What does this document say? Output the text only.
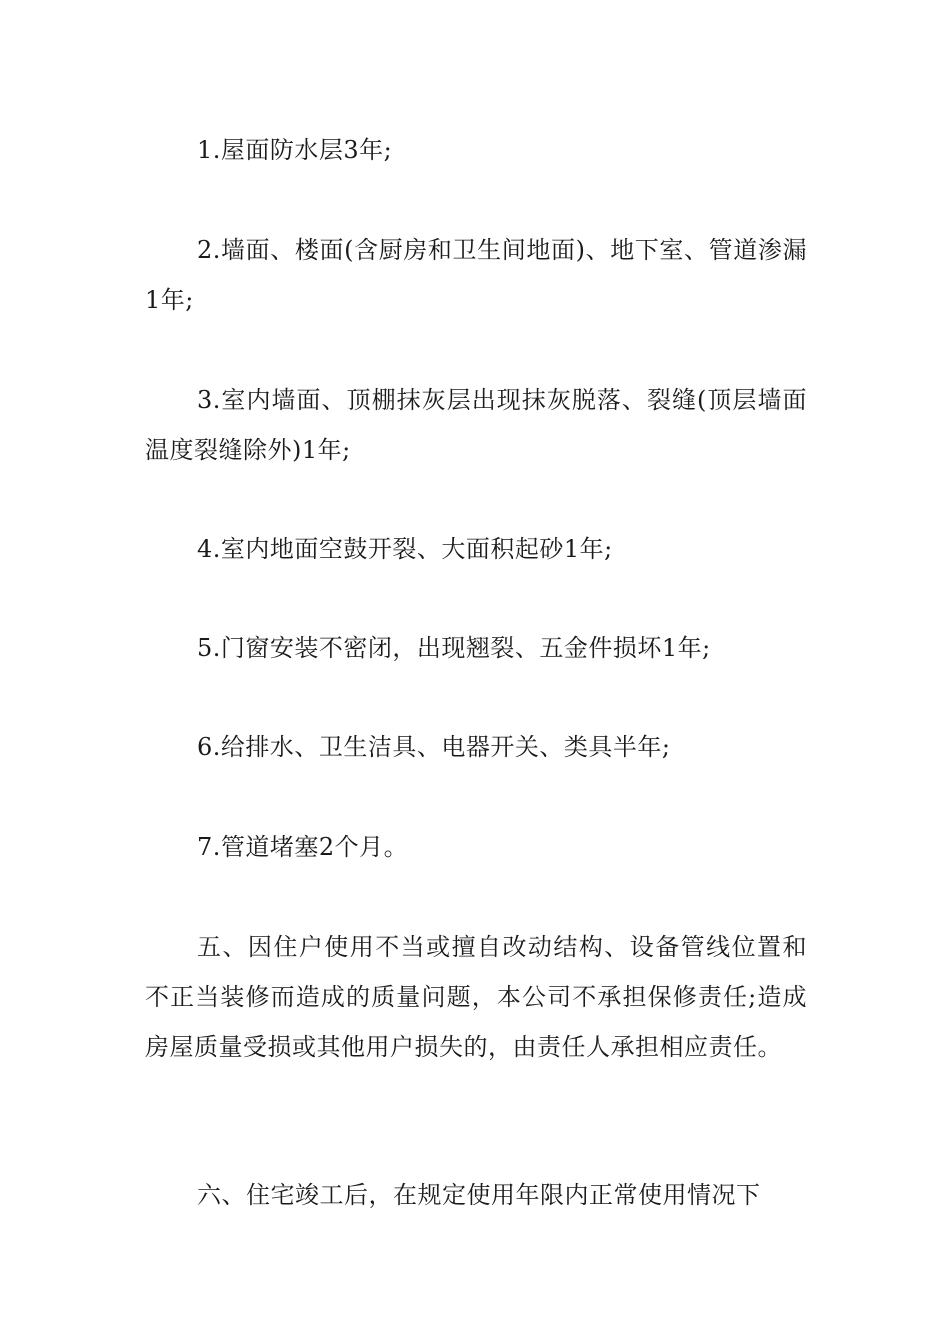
1.屋面防水层3年;

2.墙面、楼面(含厨房和卫生间地面)、地下室、管道渗漏1年;

3.室内墙面、顶棚抹灰层出现抹灰脱落、裂缝(顶层墙面温度裂缝除外)1年;

4.室内地面空鼓开裂、大面积起砂1年;

5.门窗安装不密闭，出现翘裂、五金件损坏1年;

6.给排水、卫生洁具、电器开关、类具半年;

7.管道堵塞2个月。

五、因住户使用不当或擅自改动结构、设备管线位置和不正当装修而造成的质量问题，本公司不承担保修责任;造成房屋质量受损或其他用户损失的，由责任人承担相应责任。

六、住宅竣工后，在规定使用年限内正常使用情况下
